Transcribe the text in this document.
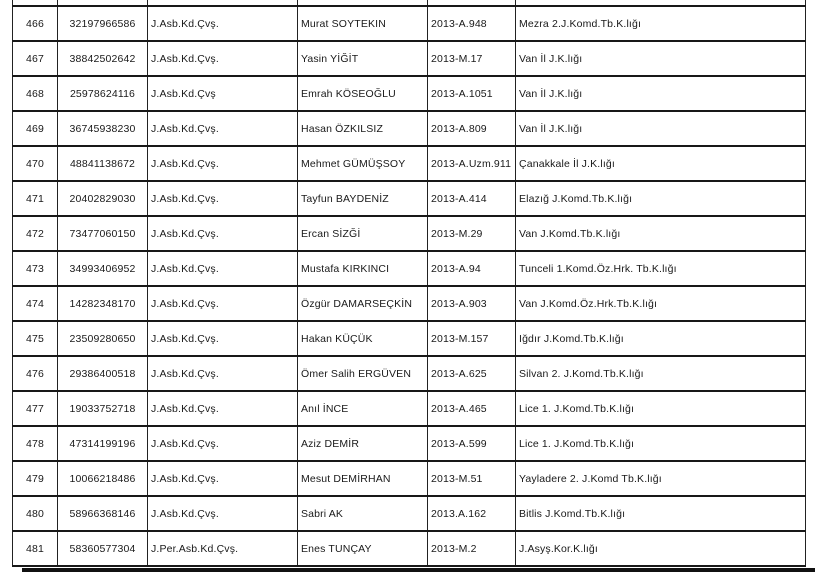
466	32197966586	J.Asb.Kd.Çvş.	Murat SOYTEKIN	2013-A.948	Mezra 2.J.Komd.Tb.K.lığı
467	38842502642	J.Asb.Kd.Çvş.	Yasin YİĞİT	2013-M.17	Van İl J.K.lığı
468	25978624116	J.Asb.Kd.Çvş	Emrah KÖSEOĞLU	2013-A.1051	Van İl J.K.lığı
469	36745938230	J.Asb.Kd.Çvş.	Hasan ÖZKILSIZ	2013-A.809	Van İl J.K.lığı
470	48841138672	J.Asb.Kd.Çvş.	Mehmet GÜMÜŞSOY	2013-A.Uzm.911	Çanakkale İl J.K.lığı
471	20402829030	J.Asb.Kd.Çvş.	Tayfun BAYDENİZ	2013-A.414	Elazığ J.Komd.Tb.K.lığı
472	73477060150	J.Asb.Kd.Çvş.	Ercan SİZĞİ	2013-M.29	Van J.Komd.Tb.K.lığı
473	34993406952	J.Asb.Kd.Çvş.	Mustafa KIRKINCI	2013-A.94	Tunceli 1.Komd.Öz.Hrk. Tb.K.lığı
474	14282348170	J.Asb.Kd.Çvş.	Özgür DAMARSEÇKİN	2013-A.903	Van J.Komd.Öz.Hrk.Tb.K.lığı
475	23509280650	J.Asb.Kd.Çvş.	Hakan KÜÇÜK	2013-M.157	Iğdır J.Komd.Tb.K.lığı
476	29386400518	J.Asb.Kd.Çvş.	Ömer Salih ERGÜVEN	2013-A.625	Silvan 2. J.Komd.Tb.K.lığı
477	19033752718	J.Asb.Kd.Çvş.	Anıl İNCE	2013-A.465	Lice 1. J.Komd.Tb.K.lığı
478	47314199196	J.Asb.Kd.Çvş.	Aziz DEMİR	2013-A.599	Lice 1. J.Komd.Tb.K.lığı
479	10066218486	J.Asb.Kd.Çvş.	Mesut DEMİRHAN	2013-M.51	Yayladere 2. J.Komd Tb.K.lığı
480	58966368146	J.Asb.Kd.Çvş.	Sabri AK	2013.A.162	Bitlis J.Komd.Tb.K.lığı
481	58360577304	J.Per.Asb.Kd.Çvş.	Enes TUNÇAY	2013-M.2	J.Asyş.Kor.K.lığı
